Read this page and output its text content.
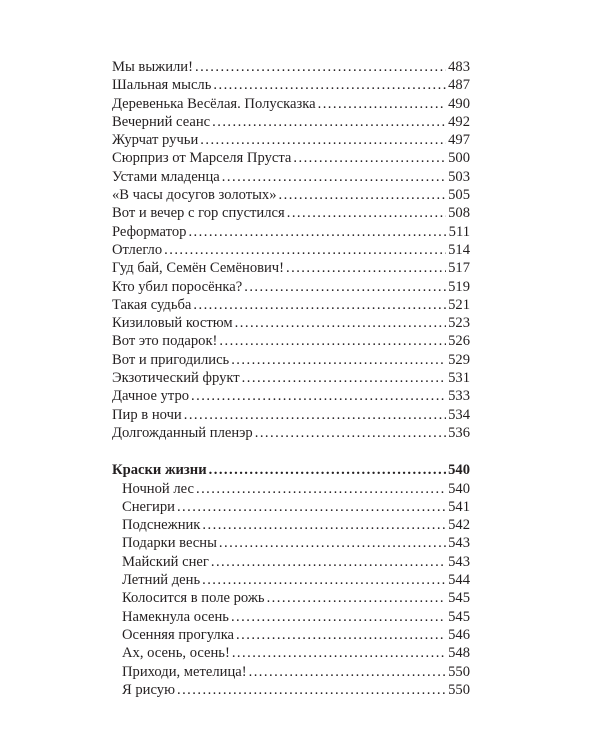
Мы выжили! . . .	483
Шальная мысль . . .	487
Деревенька Весёлая. Полусказка . . .	490
Вечерний сеанс . . .	492
Журчат ручьи . . .	497
Сюрприз от Марселя Пруста . . .	500
Устами младенца . . .	503
«В часы досугов золотых» . . .	505
Вот и вечер с гор спустился . . .	508
Реформатор . . .	511
Отлегло . . .	514
Гуд бай, Семён Семёнович! . . .	517
Кто убил поросёнка? . . .	519
Такая судьба . . .	521
Кизиловый костюм . . .	523
Вот это подарок! . . .	526
Вот и пригодились . . .	529
Экзотический фрукт . . .	531
Дачное утро . . .	533
Пир в ночи . . .	534
Долгожданный пленэр . . .	536
Краски жизни . . .	540
Ночной лес . . .	540
Снегири . . .	541
Подснежник . . .	542
Подарки весны . . .	543
Майский снег . . .	543
Летний день . . .	544
Колосится в поле рожь . . .	545
Намекнула осень . . .	545
Осенняя прогулка . . .	546
Ах, осень, осень! . . .	548
Приходи, метелица! . . .	550
Я рисую . . .	550
